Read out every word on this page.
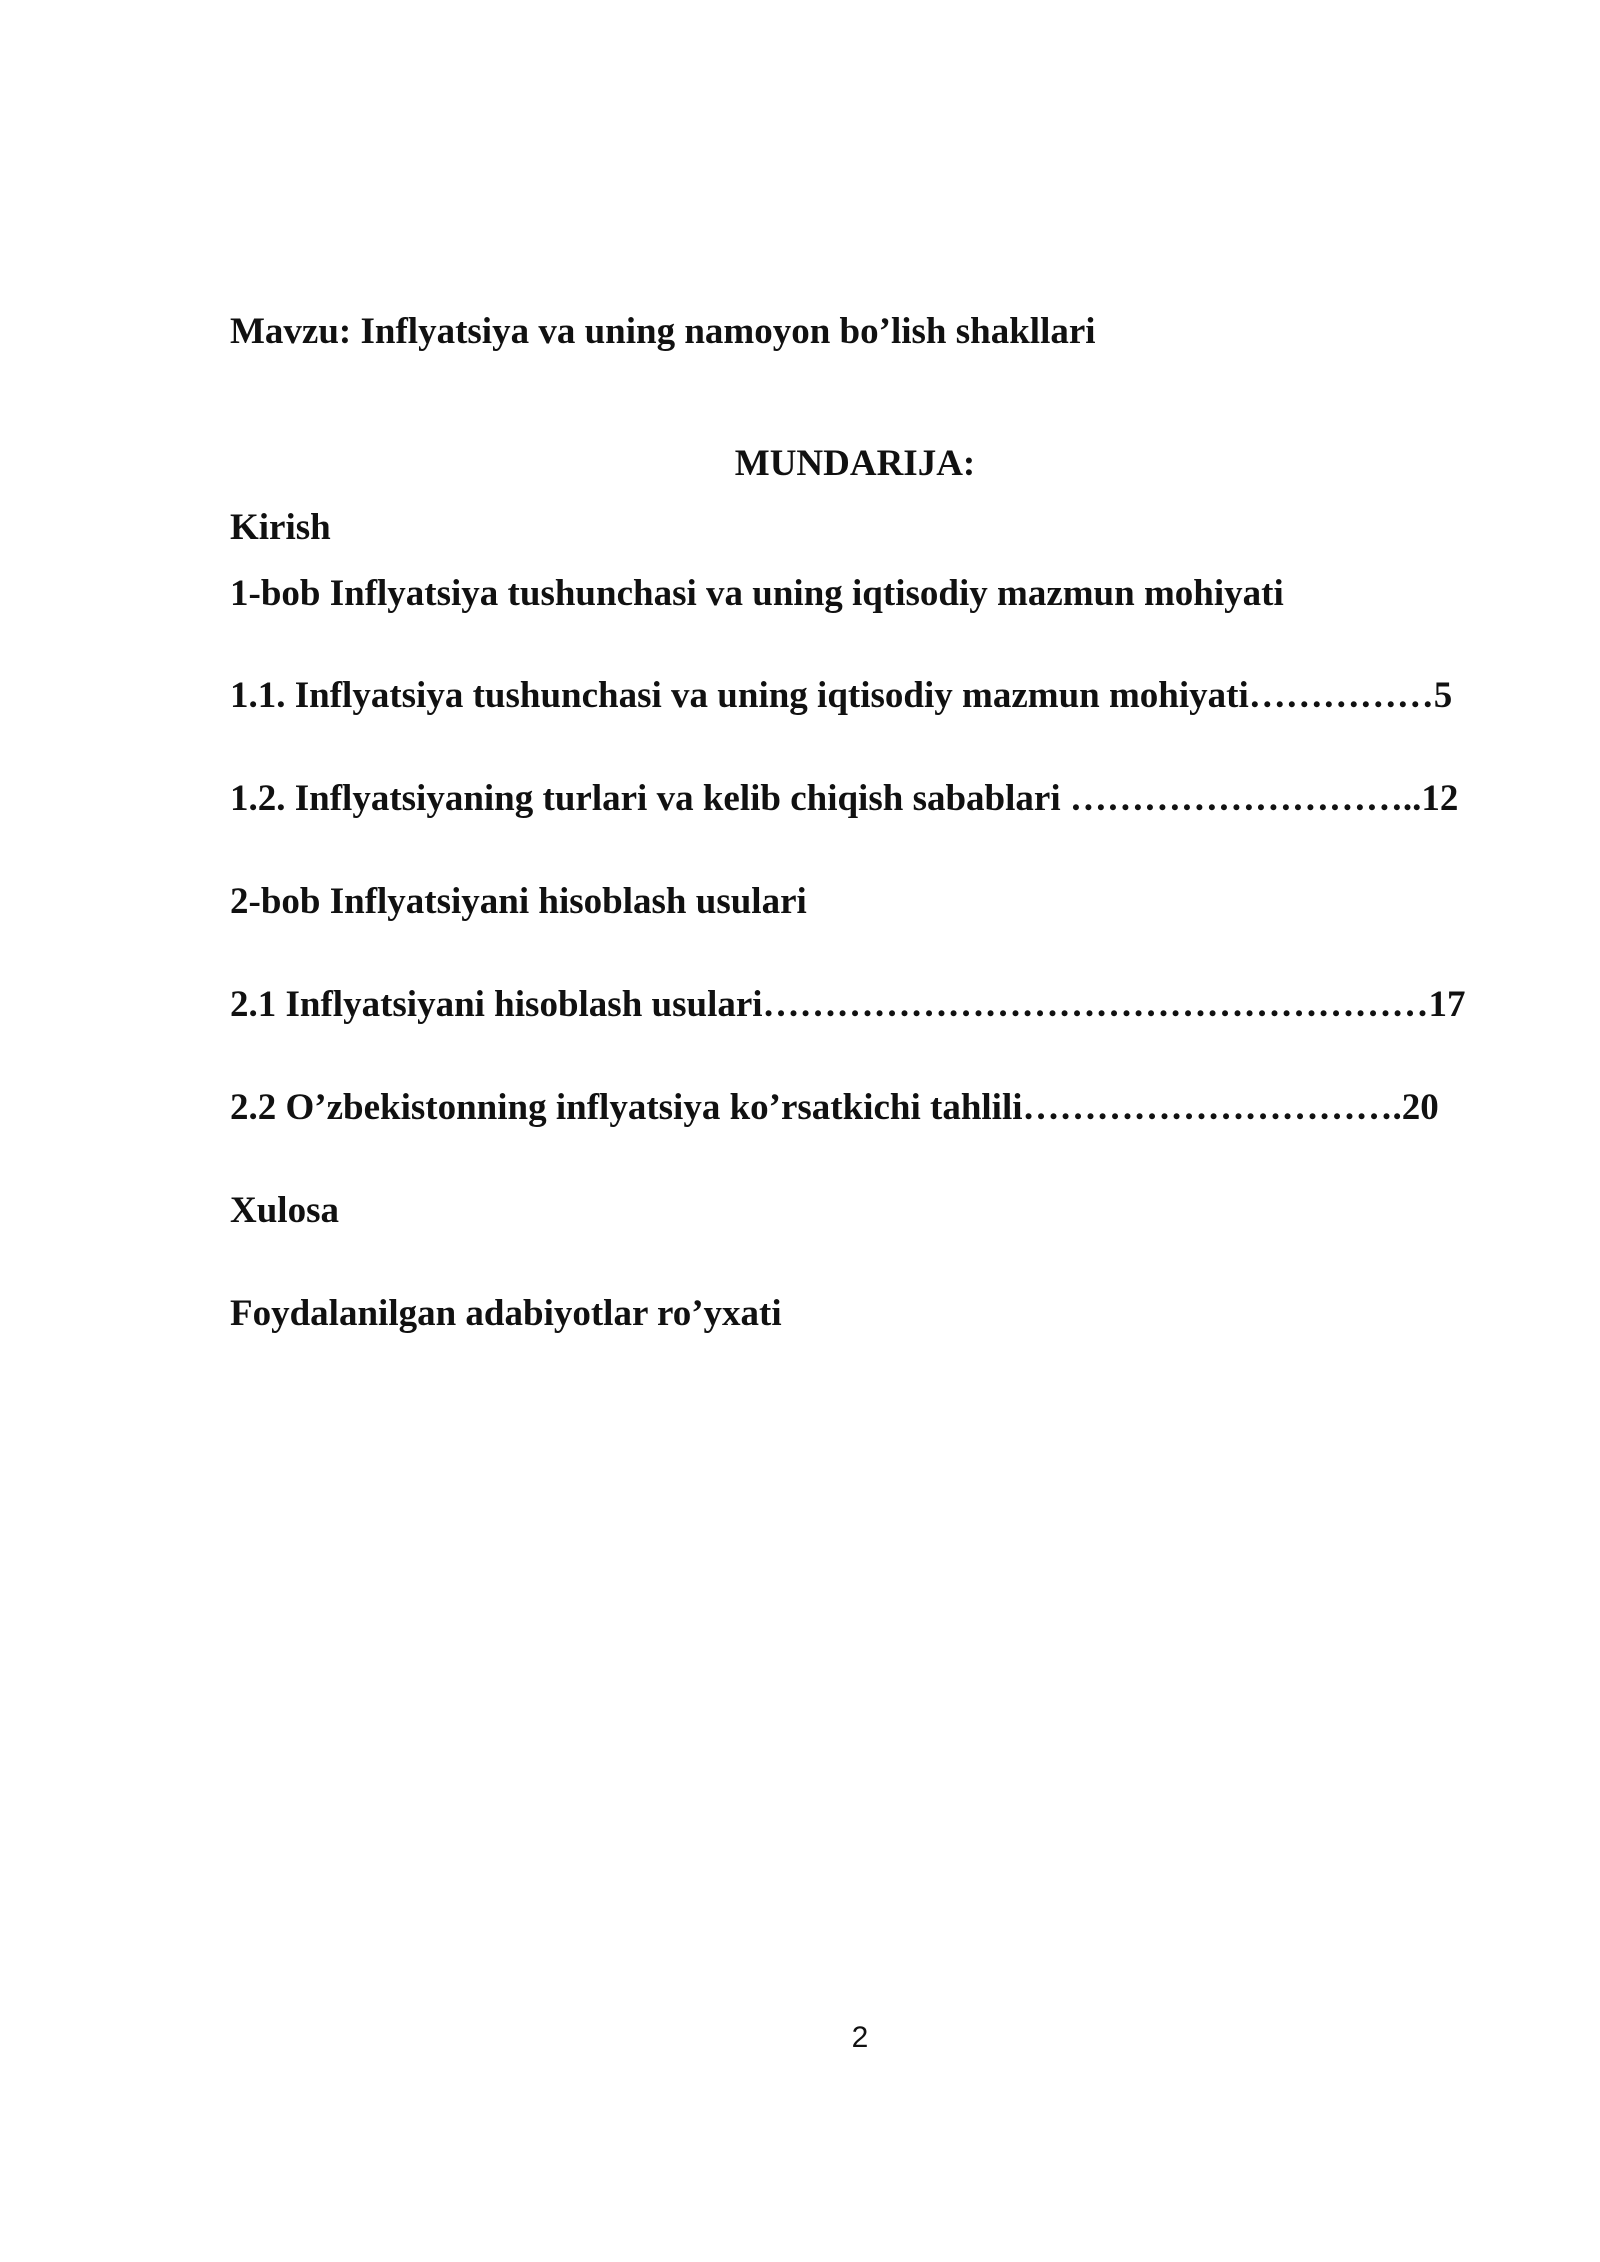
Mavzu: Inflyatsiya va uning namoyon bo’lish shakllari
MUNDARIJA:
Kirish
1-bob Inflyatsiya tushunchasi va uning iqtisodiy mazmun mohiyati
1.1. Inflyatsiya tushunchasi va uning iqtisodiy mazmun mohiyati……………5
1.2. Inflyatsiyaning turlari va kelib chiqish sabablari ………………………..12
2-bob Inflyatsiyani hisoblash usulari
2.1 Inflyatsiyani hisoblash usulari………………………………………………17
2.2 O’zbekistonning inflyatsiya ko’rsatkichi tahlili………………………….20
Xulosa
Foydalanilgan adabiyotlar ro’yxati
2
